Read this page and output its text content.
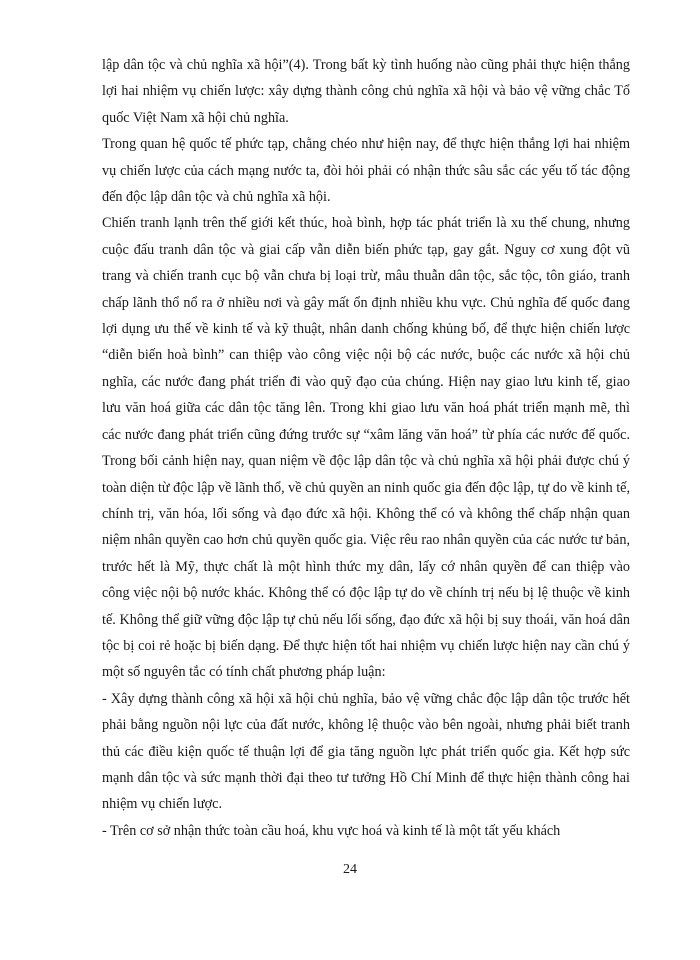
lập dân tộc và chủ nghĩa xã hội”(4). Trong bất kỳ tình huống nào cũng phải thực hiện thắng lợi hai nhiệm vụ chiến lược: xây dựng thành công chủ nghĩa xã hội và bảo vệ vững chắc Tổ quốc Việt Nam xã hội chủ nghĩa.

Trong quan hệ quốc tế phức tạp, chằng chéo như hiện nay, để thực hiện thắng lợi hai nhiệm vụ chiến lược của cách mạng nước ta, đòi hỏi phải có nhận thức sâu sắc các yếu tố tác động đến độc lập dân tộc và chủ nghĩa xã hội.

Chiến tranh lạnh trên thế giới kết thúc, hoà bình, hợp tác phát triển là xu thế chung, nhưng cuộc đấu tranh dân tộc và giai cấp vẫn diễn biến phức tạp, gay gắt. Nguy cơ xung đột vũ trang và chiến tranh cục bộ vẫn chưa bị loại trừ, mâu thuẫn dân tộc, sắc tộc, tôn giáo, tranh chấp lãnh thổ nổ ra ở nhiều nơi và gây mất ổn định nhiều khu vực. Chủ nghĩa đế quốc đang lợi dụng ưu thế về kinh tế và kỹ thuật, nhân danh chống khủng bố, để thực hiện chiến lược “diễn biến hoà bình” can thiệp vào công việc nội bộ các nước, buộc các nước xã hội chủ nghĩa, các nước đang phát triển đi vào quỹ đạo của chúng. Hiện nay giao lưu kinh tế, giao lưu văn hoá giữa các dân tộc tăng lên. Trong khi giao lưu văn hoá phát triển mạnh mẽ, thì các nước đang phát triển cũng đứng trước sự “xâm lăng văn hoá” từ phía các nước đế quốc. Trong bối cảnh hiện nay, quan niệm về độc lập dân tộc và chủ nghĩa xã hội phải được chú ý toàn diện từ độc lập về lãnh thổ, về chủ quyền an ninh quốc gia đến độc lập, tự do về kinh tế, chính trị, văn hóa, lối sống và đạo đức xã hội. Không thể có và không thể chấp nhận quan niệm nhân quyền cao hơn chủ quyền quốc gia. Việc rêu rao nhân quyền của các nước tư bản, trước hết là Mỹ, thực chất là một hình thức mỵ dân, lấy cớ nhân quyền để can thiệp vào công việc nội bộ nước khác. Không thể có độc lập tự do về chính trị nếu bị lệ thuộc về kinh tế. Không thể giữ vững độc lập tự chủ nếu lối sống, đạo đức xã hội bị suy thoái, văn hoá dân tộc bị coi rẻ hoặc bị biến dạng. Để thực hiện tốt hai nhiệm vụ chiến lược hiện nay cần chú ý một số nguyên tắc có tính chất phương pháp luận:

- Xây dựng thành công xã hội xã hội chủ nghĩa, bảo vệ vững chắc độc lập dân tộc trước hết phải bằng nguồn nội lực của đất nước, không lệ thuộc vào bên ngoài, nhưng phải biết tranh thủ các điều kiện quốc tế thuận lợi để gia tăng nguồn lực phát triển quốc gia. Kết hợp sức mạnh dân tộc và sức mạnh thời đại theo tư tưởng Hồ Chí Minh để thực hiện thành công hai nhiệm vụ chiến lược.

- Trên cơ sở nhận thức toàn cầu hoá, khu vực hoá và kinh tế là một tất yếu khách

24
